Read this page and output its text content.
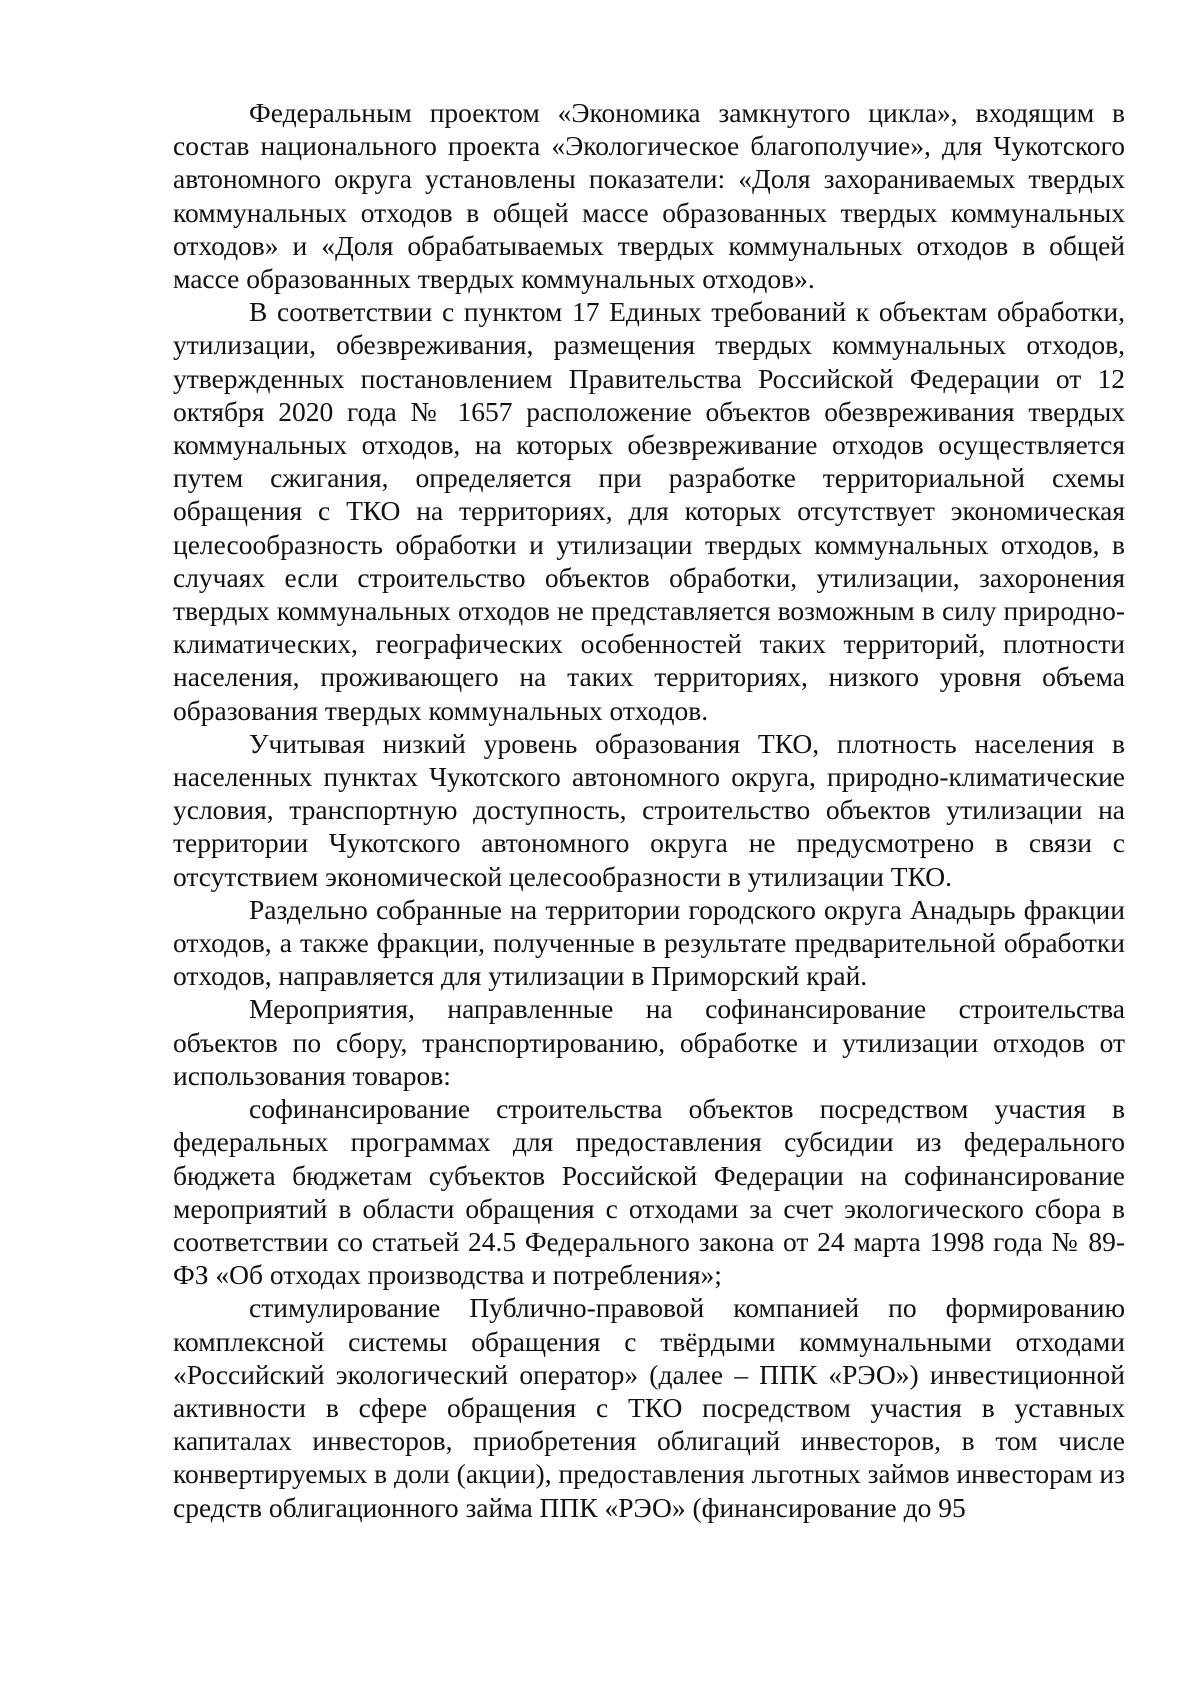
Федеральным проектом «Экономика замкнутого цикла», входящим в состав национального проекта «Экологическое благополучие», для Чукотского автономного округа установлены показатели: «Доля захораниваемых твердых коммунальных отходов в общей массе образованных твердых коммунальных отходов» и «Доля обрабатываемых твердых коммунальных отходов в общей массе образованных твердых коммунальных отходов».

В соответствии с пунктом 17 Единых требований к объектам обработки, утилизации, обезвреживания, размещения твердых коммунальных отходов, утвержденных постановлением Правительства Российской Федерации от 12 октября 2020 года № 1657 расположение объектов обезвреживания твердых коммунальных отходов, на которых обезвреживание отходов осуществляется путем сжигания, определяется при разработке территориальной схемы обращения с ТКО на территориях, для которых отсутствует экономическая целесообразность обработки и утилизации твердых коммунальных отходов, в случаях если строительство объектов обработки, утилизации, захоронения твердых коммунальных отходов не представляется возможным в силу природно-климатических, географических особенностей таких территорий, плотности населения, проживающего на таких территориях, низкого уровня объема образования твердых коммунальных отходов.

Учитывая низкий уровень образования ТКО, плотность населения в населенных пунктах Чукотского автономного округа, природно-климатические условия, транспортную доступность, строительство объектов утилизации на территории Чукотского автономного округа не предусмотрено в связи с отсутствием экономической целесообразности в утилизации ТКО.

Раздельно собранные на территории городского округа Анадырь фракции отходов, а также фракции, полученные в результате предварительной обработки отходов, направляется для утилизации в Приморский край.

Мероприятия, направленные на софинансирование строительства объектов по сбору, транспортированию, обработке и утилизации отходов от использования товаров:

софинансирование строительства объектов посредством участия в федеральных программах для предоставления субсидии из федерального бюджета бюджетам субъектов Российской Федерации на софинансирование мероприятий в области обращения с отходами за счет экологического сбора в соответствии со статьей 24.5 Федерального закона от 24 марта 1998 года № 89-ФЗ «Об отходах производства и потребления»;

стимулирование Публично-правовой компанией по формированию комплексной системы обращения с твёрдыми коммунальными отходами «Российский экологический оператор» (далее – ППК «РЭО») инвестиционной активности в сфере обращения с ТКО посредством участия в уставных капиталах инвесторов, приобретения облигаций инвесторов, в том числе конвертируемых в доли (акции), предоставления льготных займов инвесторам из средств облигационного займа ППК «РЭО» (финансирование до 95
